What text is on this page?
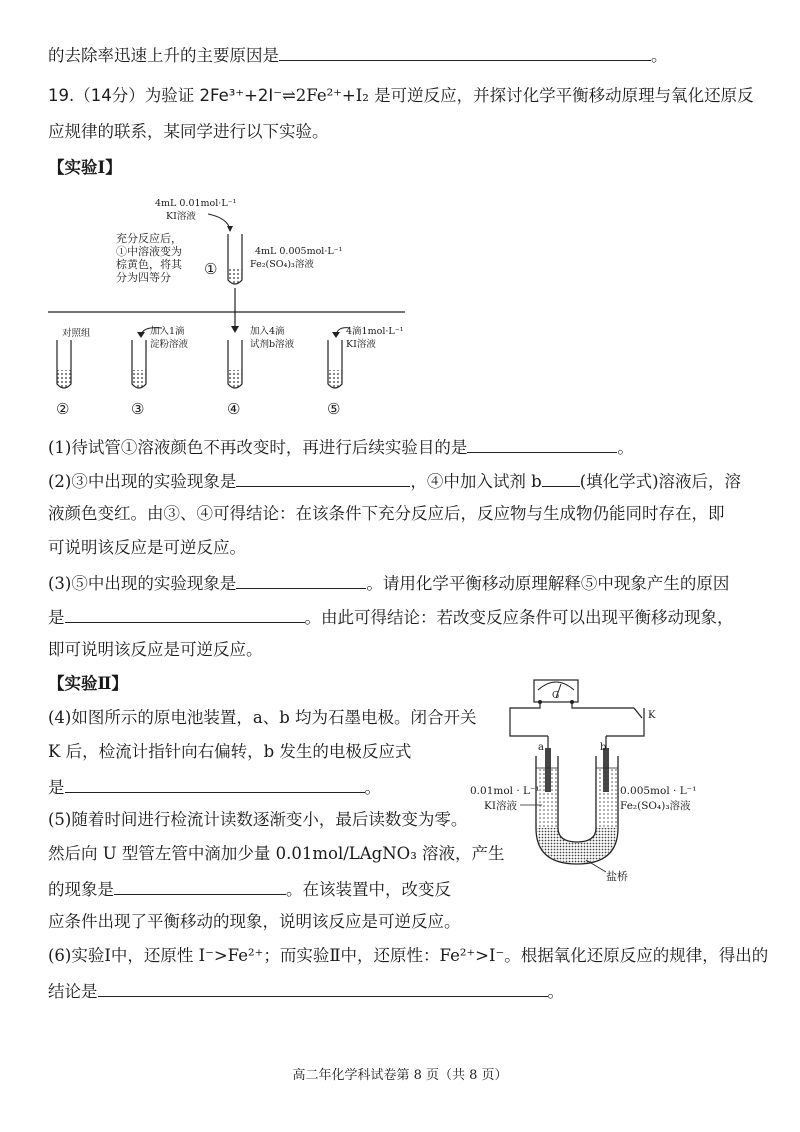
的去除率迅速上升的主要原因是	。
19.（14分）为验证 2Fe³⁺+2I⁻⇌2Fe²⁺+I₂ 是可逆反应，并探讨化学平衡移动原理与氧化还原反
应规律的联系，某同学进行以下实验。
【实验Ⅰ】
4mL 0.01mol·L⁻¹
KI溶液
①
4mL 0.005mol·L⁻¹
Fe₂(SO₄)₃溶液
充分反应后，
①中溶液变为
棕黄色，将其
分为四等分
对照组
②
加入1滴
淀粉溶液
③
加入4滴
试剂b溶液
④
4滴1mol·L⁻¹
KI溶液
⑤
(1)待试管①溶液颜色不再改变时，再进行后续实验目的是	。
(2)③中出现的实验现象是	，④中加入试剂 b (填化学式)溶液后，溶
液颜色变红。由③、④可得结论：在该条件下充分反应后，反应物与生成物仍能同时存在，即
可说明该反应是可逆反应。
(3)⑤中出现的实验现象是	。请用化学平衡移动原理解释⑤中现象产生的原因
是	。由此可得结论：若改变反应条件可以出现平衡移动现象，
即可说明该反应是可逆反应。
【实验Ⅱ】
(4)如图所示的原电池装置，a、b 均为石墨电极。闭合开关
K 后，检流计指针向右偏转，b 发生的电极反应式
是	。
(5)随着时间进行检流计读数逐渐变小，最后读数变为零。
然后向 U 型管左管中滴加少量 0.01mol/LAgNO₃ 溶液，产生
的现象是	。在该装置中，改变反
应条件出现了平衡移动的现象，说明该反应是可逆反应。
G
K
a	b
0.01mol · L⁻¹
KI溶液
0.005mol · L⁻¹
Fe₂(SO₄)₃溶液
盐桥
(6)实验Ⅰ中，还原性 I⁻>Fe²⁺；而实验Ⅱ中，还原性：Fe²⁺>I⁻。根据氧化还原反应的规律，得出的
结论是	。
高二年化学科试卷第 8 页（共 8 页）
